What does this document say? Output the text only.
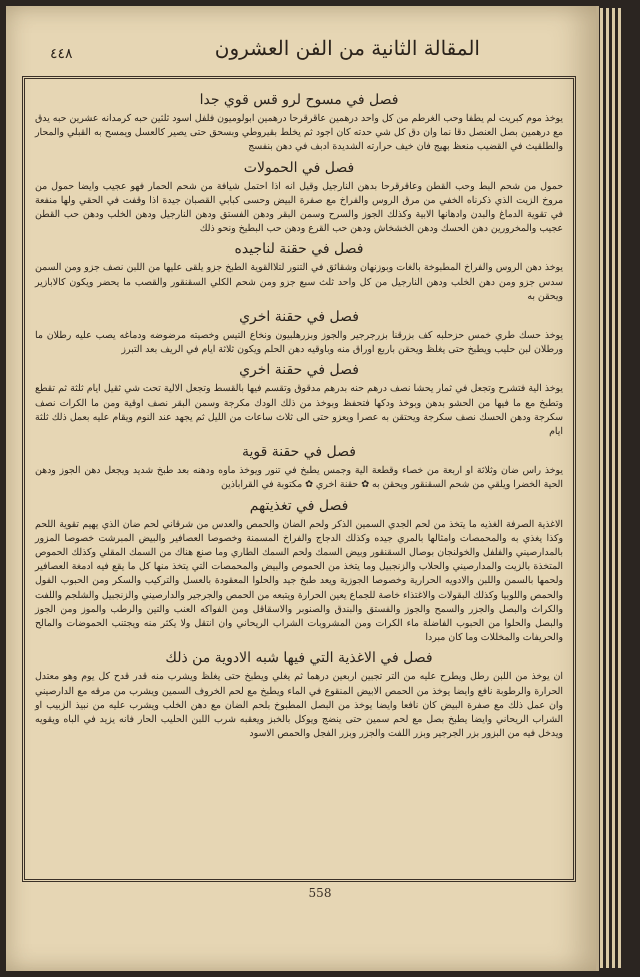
المقالة الثانية من الفن العشرون
٤٤٨
فصل في مسوح لرو قس قوي جدا

يوخذ موم كبريت لم يطفا وحب الغرطم من كل واحد درهمين عاقرقرحا درهمين ابولوميون فلفل اسود ثلثين حبه كرمدانه عشرين حبه يدق مع درهمين بصل العنصل دقا نما وان دق كل شي حدته كان اجود ثم يخلط بقيروطي وبسحق حتى يصير كالعسل ويمسح به القبلي والمحار والطلقيث في القضيب منعظ بهيج فان خيف حرارته الشديدة ادبف في دهن بنفسج

فصل في الحمولات

حمول من شحم البط وحب القطن وعاقرقرحا بدهن النارجيل وقيل انه اذا احتمل شيافة من شحم الحمار فهو عجيب وايضا حمول من مروخ الزيت الذي ذكرناه الخفي من مرق الروس والفراخ مع صفرة البيض وحسى كبابي القصبان جيدة اذا وقفت في الحقي ولها منفعة في تقوية الدماغ والبدن وادهانها الابية وكذلك الجوز والسرح وسمن البقر ودهن الفستق ودهن النارجيل ودهن الخلب ودهن حب القطن عجيب والمخرورين دهن الحسك ودهن الخشخاش ودهن حب القرع ودهن حب البطيخ ونحو ذلك

فصل في حقنة لناجيده

يوخذ دهن الروس والفراخ المطبوخة بالغات وبوزنهان وشقائق في التنور لتلاالقوية الطبخ جزو يلقى عليها من اللبن نصف جزو ومن السمن سدس جزو ومن دهن الخلب ودهن النارجيل من كل واحد ثلث سبع جزو ومن شحم الكلي السقنقور والقصب ما يحضر ويكون كالابازير ويحقن به

فصل في حقنة اخري

يوخذ حسك طري خمس حزحلبه كف بزرقنا بزرجرجير والجوز وبزرهلبيون ونخاع التيس وخصيته مرضوضه ودماغه يصب عليه رطلان ما ورطلان لبن حليب ويطبخ حتى يغلظ ويحقن باربع اوراق منه وباوقيه دهن الحلم ويكون ثلاثة ايام في الريف بعد التبرز

فصل في حقنة اخري

يوخذ الية فتشرح وتجعل في ثمار يحشا نصف درهم حنه بدرهم مدقوق وتقسم فيها بالقسط وتجعل الالية تحت شي ثقيل ايام ثلثة ثم تقطع وتطبخ مع ما فيها من الحشو بدهن وبوخذ ودكها فتحفظ وبوخذ من ذلك الودك مكرجة وسمن البقر نصف اوقية ومن ما الكرات نصف سكرجة ودهن الحسك نصف سكرجة ويحتقن به عصرا ويعزو حتى الى ثلاث ساعات من الليل ثم يجهد عند النوم ويقام عليه بعمل ذلك ثلثة ايام

فصل في حقنة قوية

يوخذ راس ضان وثلاثة او اربعة من خصاء وقطعة الية وجمس يطبخ في تنور ويوخذ ماوه ودهنه بعد طبخ شديد ويجعل دهن الجوز ودهن الحية الخضرا ويلقي من شحم السقنقور ويحقن به ✿ حقنة اخري ✿ مكتوبة في القراباذين

فصل في تغذيتهم

الاغذية الصرفة الغذيه ما يتخذ من لحم الجدي السمين الذكر ولحم الضان والحمص والعدس من شرقاني لحم ضان الذي يهيم تقوية اللحم وكذا يغذي به والمحمصات وامثالها بالمري جيده وكذلك الدجاج والفراخ المسمنة وخصوصا العصافير والبيض المبرشت خصوصا المزور بالمدارصيني والفلفل والخولنجان بوصال السقنقور وبيض السمك ولحم السمك الطاري وما صنع هناك من السمك المقلي وكذلك الحموص المتخذة بالزيت والمدارصيني والحلاب والزنجبيل وما يتخذ من الحموص والبيض والمحمصات التي يتخذ منها كل ما يقع فيه ادمغة العصافير ولحمها بالسمن واللبن والادويه الحرارية وخصوصا الجوزية ويعد طبخ جيد والحلوا المعقودة بالعسل والتركيب والسكر ومن الحبوب الفول والحمص واللوبيا وكذلك البقولات والاغتذاء خاصة للجماع يعين الحرارة ويتبعه من الحمص والجرجير والدارصيني والزنجبيل والشلجم واللفت والكراث والبصل والجزر والسمح والجوز والفستق والبندق والصنوبر والاسقاقل ومن الفواكه العنب والتين والرطب والموز ومن الجوز والبصل والحلوا من الحبوب الفاضلة ماء الكرات ومن المشروبات الشراب الريحاني وان انتقل ولا يكثر منه ويجتنب الحموضات والمالح والحريفات والمخللات وما كان مبردا

فصل في الاغذية التي فيها شبه الادوية من ذلك

ان يوخذ من اللبن رطل ويطرح عليه من التر تجبين اربعين درهما ثم يغلي ويطبخ حتى يغلظ ويشرب منه قدر قدح كل يوم وهو معتدل الحرارة والرطوبة نافع وايضا يوخذ من الحمص الابيض المنقوع في الماء ويطبخ مع لحم الخروف السمين ويشرب من مرقه مع الدارصيني وان عمل ذلك مع صفرة البيض كان نافعا وايضا يوخذ من البصل المطبوخ بلحم الضان مع دهن الخلب ويشرب عليه من نبيذ الزبيب او الشراب الريحاني وايضا يطبخ بصل مع لحم سمين حتى ينضج ويوكل بالخبز ويعقبه شرب اللبن الحليب الحار فانه يزيد في الباه ويقويه ويدخل فيه من البزور بزر الجرجير وبزر اللفت والجزر وبزر الفجل والحمص الاسود

558
